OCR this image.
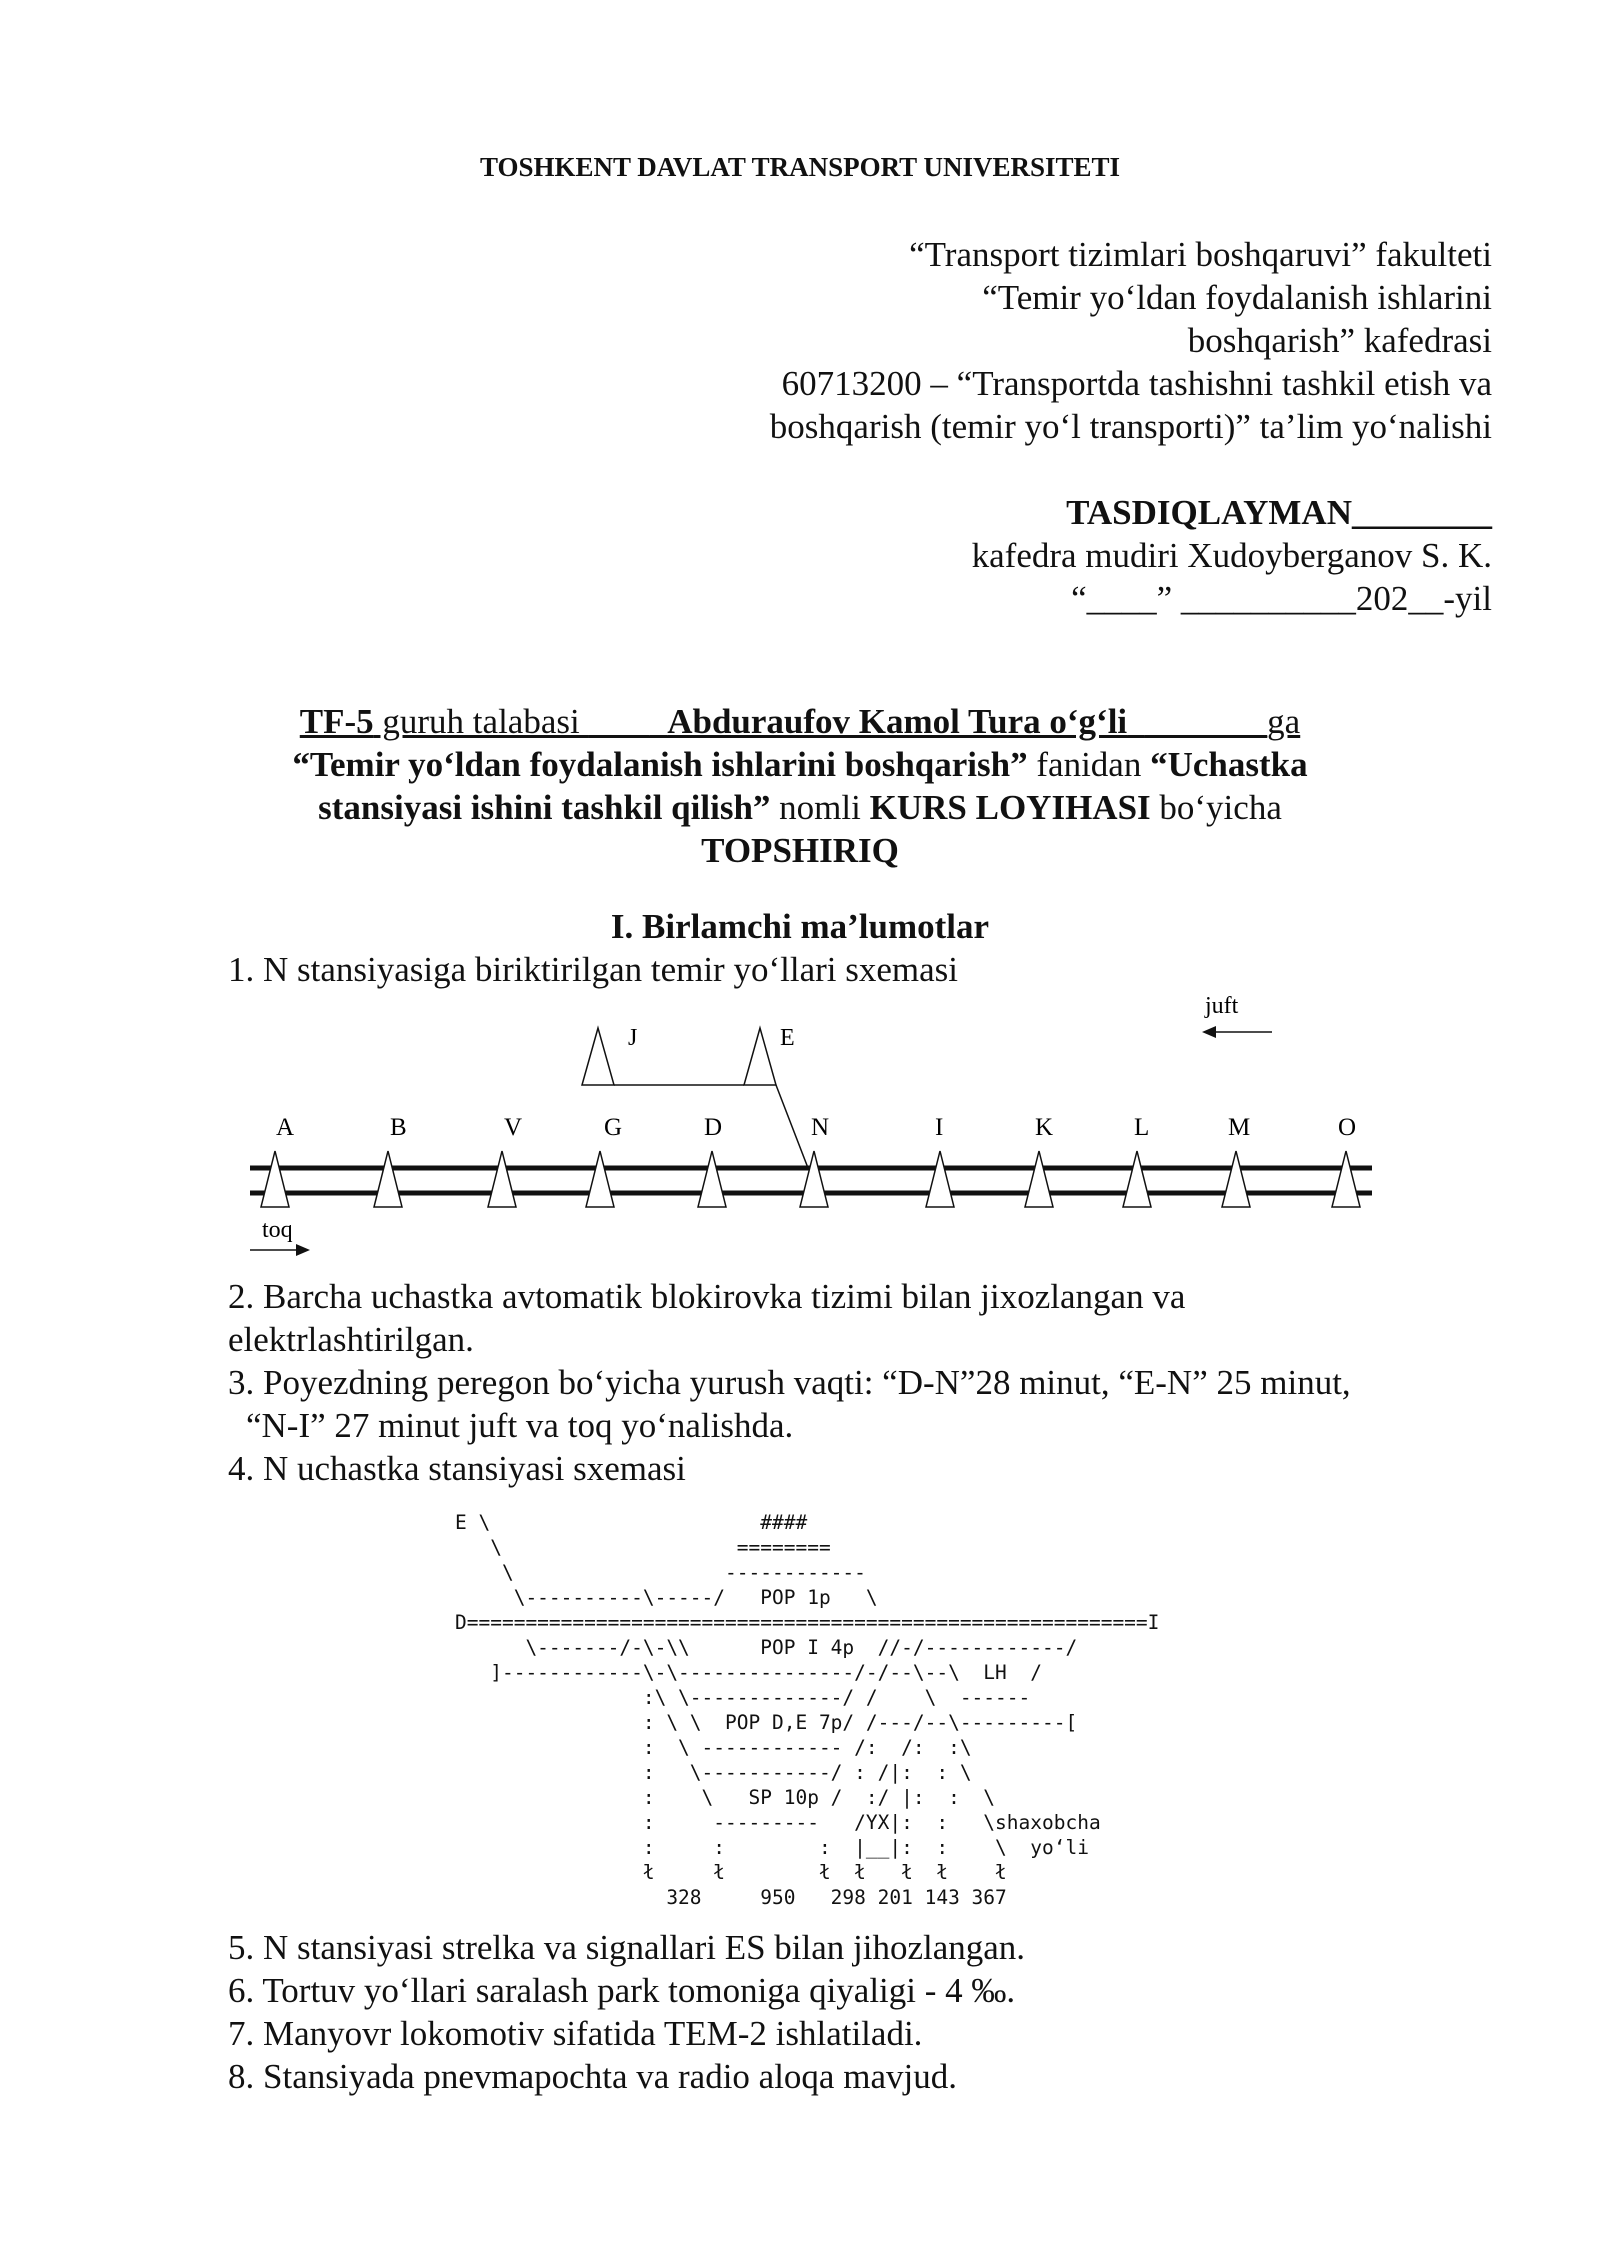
TOSHKENT DAVLAT TRANSPORT UNIVERSITETI
“Transport tizimlari boshqaruvi” fakulteti
“Temir yo‘ldan foydalanish ishlarini
boshqarish” kafedrasi
60713200 – “Transportda tashishni tashkil etish va
boshqarish (temir yo‘l transporti)” ta’lim yo‘nalishi
TASDIQLAYMAN________
kafedra mudiri Xudoyberganov S. K.
“____” __________202__-yil
TF-5 guruh talabasi        _Abduraufov Kamol Tura o‘g‘li_          __ga
“Temir yo‘ldan foydalanish ishlarini boshqarish” fanidan “Uchastka
stansiyasi ishini tashkil qilish” nomli KURS LOYIHASI bo‘yicha
TOPSHIRIQ
I. Birlamchi ma’lumotlar
1. N stansiyasiga biriktirilgan temir yo‘llari sxemasi
juft
J	E
A	B	V	G	D	N	I	K	L	M	O
toq
2. Barcha uchastka avtomatik blokirovka tizimi bilan jixozlangan va
elektrlashtirilgan.
3. Poyezdning peregon bo‘yicha yurush vaqti: “D-N”28 minut, “E-N” 25 minut,
“N-I” 27 minut juft va toq yo‘nalishda.
4. N uchastka stansiyasi sxemasi
E \                       ####
\                    ========
\                  ------------
\----------\-----/   POP 1p   \
D==========================================================I
\-------/-\-\\      POP I 4p  //-/------------/
]------------\-\---------------/-/--\--\  LH  /
:\ \-------------/ /    \  ------
: \ \  POP D,E 7p/ /---/--\---------[
:  \ ------------ /:  /:  :\
:   \-----------/ : /|:  : \
:    \   SP 10p /  :/ |:  :  \
:     ---------   /YX|:  :   \shaxobcha
:     :        :  |__|:  :    \  yo‘li
ł     ł        ł  ł   ł  ł    ł
328     950   298 201 143 367
5. N stansiyasi strelka va signallari ES bilan jihozlangan.
6. Tortuv yo‘llari saralash park tomoniga qiyaligi - 4 ‰.
7. Manyovr lokomotiv sifatida TEM-2 ishlatiladi.
8. Stansiyada pnevmapochta va radio aloqa mavjud.
